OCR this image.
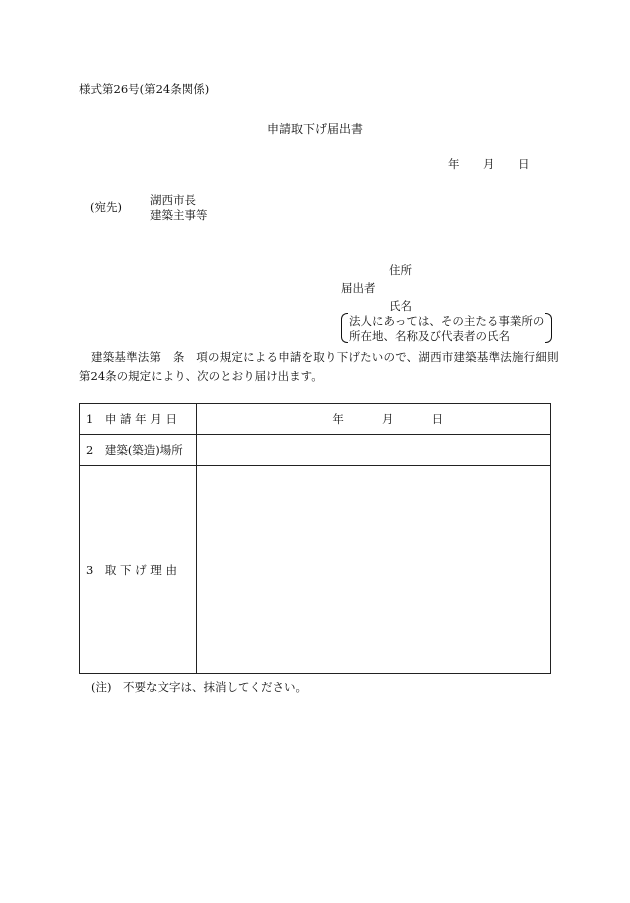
様式第26号(第24条関係)
申請取下げ届出書
年 月 日
(宛先) 湖西市長
建築主事等
住所
届出者
氏名
法人にあっては、その主たる事業所の
所在地、名称及び代表者の氏名
建築基準法第　条　項の規定による申請を取り下げたいので、湖西市建築基準法施行細則
第24条の規定により、次のとおり届け出ます。
1　申 請 年 月 日	年 月 日
2　建築(築造)場所	
3　取 下 げ 理 由	
(注)　不要な文字は、抹消してください。
